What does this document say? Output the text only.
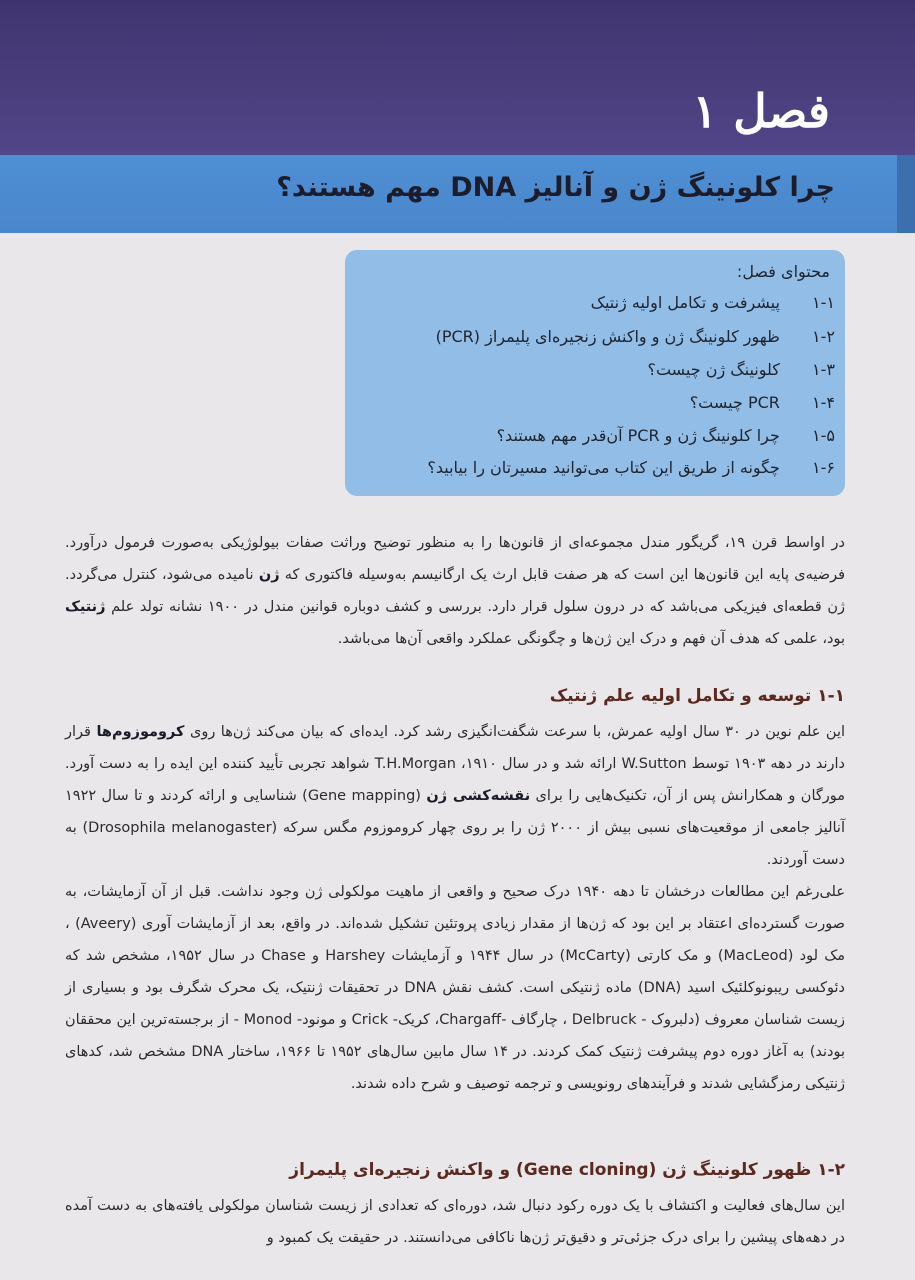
فصل ۱
چرا کلونینگ ژن و آنالیز DNA مهم هستند؟
محتوای فصل:
۱-۱ پیشرفت و تکامل اولیه ژنتیک
۱-۲ ظهور کلونینگ ژن و واکنش زنجیره‌ای پلیمراز (PCR)
۱-۳ کلونینگ ژن چیست؟
۱-۴ PCR چیست؟
۱-۵ چرا کلونینگ ژن و PCR آن‌قدر مهم هستند؟
۱-۶ چگونه از طریق این کتاب می‌توانید مسیرتان را بیابید؟

در اواسط قرن ۱۹، گریگور مندل مجموعه‌ای از قانون‌ها را به منظور توضیح وراثت صفات بیولوژیکی به‌صورت فرمول درآورد. فرضیه‌ی پایه این قانون‌ها این است که هر صفت قابل ارث یک ارگانیسم به‌وسیله فاکتوری که ژن نامیده می‌شود، کنترل می‌گردد. ژن قطعه‌ای فیزیکی می‌باشد که در درون سلول قرار دارد. بررسی و کشف دوباره قوانین مندل در ۱۹۰۰ نشانه تولد علم ژنتیک بود، علمی که هدف آن فهم و درک این ژن‌ها و چگونگی عملکرد واقعی آن‌ها می‌باشد.

۱-۱ توسعه و تکامل اولیه علم ژنتیک

این علم نوین در ۳۰ سال اولیه عمرش، با سرعت شگفت‌انگیزی رشد کرد. ایده‌ای که بیان می‌کند ژن‌ها روی کروموزوم‌ها قرار دارند در دهه ۱۹۰۳ توسط W.Sutton ارائه شد و در سال ۱۹۱۰، T.H.Morgan شواهد تجربی تأیید کننده این ایده را به دست آورد. مورگان و همکارانش پس از آن، تکنیک‌هایی را برای نقشه‌کشی ژن (Gene mapping) شناسایی و ارائه کردند و تا سال ۱۹۲۲ آنالیز جامعی از موقعیت‌های نسبی بیش از ۲۰۰۰ ژن را بر روی چهار کروموزوم مگس سرکه (Drosophila melanogaster) به دست آوردند.

علی‌رغم این مطالعات درخشان تا دهه ۱۹۴۰ درک صحیح و واقعی از ماهیت مولکولی ژن وجود نداشت. قبل از آن آزمایشات، به صورت گسترده‌ای اعتقاد بر این بود که ژن‌ها از مقدار زیادی پروتئین تشکیل شده‌اند. در واقع، بعد از آزمایشات آوری (Aveery) ، مک لود (MacLeod) و مک کارتی (McCarty) در سال ۱۹۴۴ و آزمایشات Harshey و Chase در سال ۱۹۵۲، مشخص شد که دئوکسی ریبونوکلئیک اسید (DNA) ماده ژنتیکی است. کشف نقش DNA در تحقیقات ژنتیک، یک محرک شگرف بود و بسیاری از زیست شناسان معروف (دلبروک - Delbruck ، چارگاف -Chargaff، کریک- Crick و مونود- Monod - از برجسته‌ترین این محققان بودند) به آغاز دوره دوم پیشرفت ژنتیک کمک کردند. در ۱۴ سال مابین سال‌های ۱۹۵۲ تا ۱۹۶۶، ساختار DNA مشخص شد، کدهای ژنتیکی رمزگشایی شدند و فرآیندهای رونویسی و ترجمه توصیف و شرح داده شدند.

۱-۲ ظهور کلونینگ ژن (Gene cloning) و واکنش زنجیره‌ای پلیمراز

این سال‌های فعالیت و اکتشاف با یک دوره رکود دنبال شد، دوره‌ای که تعدادی از زیست شناسان مولکولی یافته‌های به دست آمده در دهه‌های پیشین را برای درک جزئی‌تر و دقیق‌تر ژن‌ها ناکافی می‌دانستند. در حقیقت یک کمبود و
